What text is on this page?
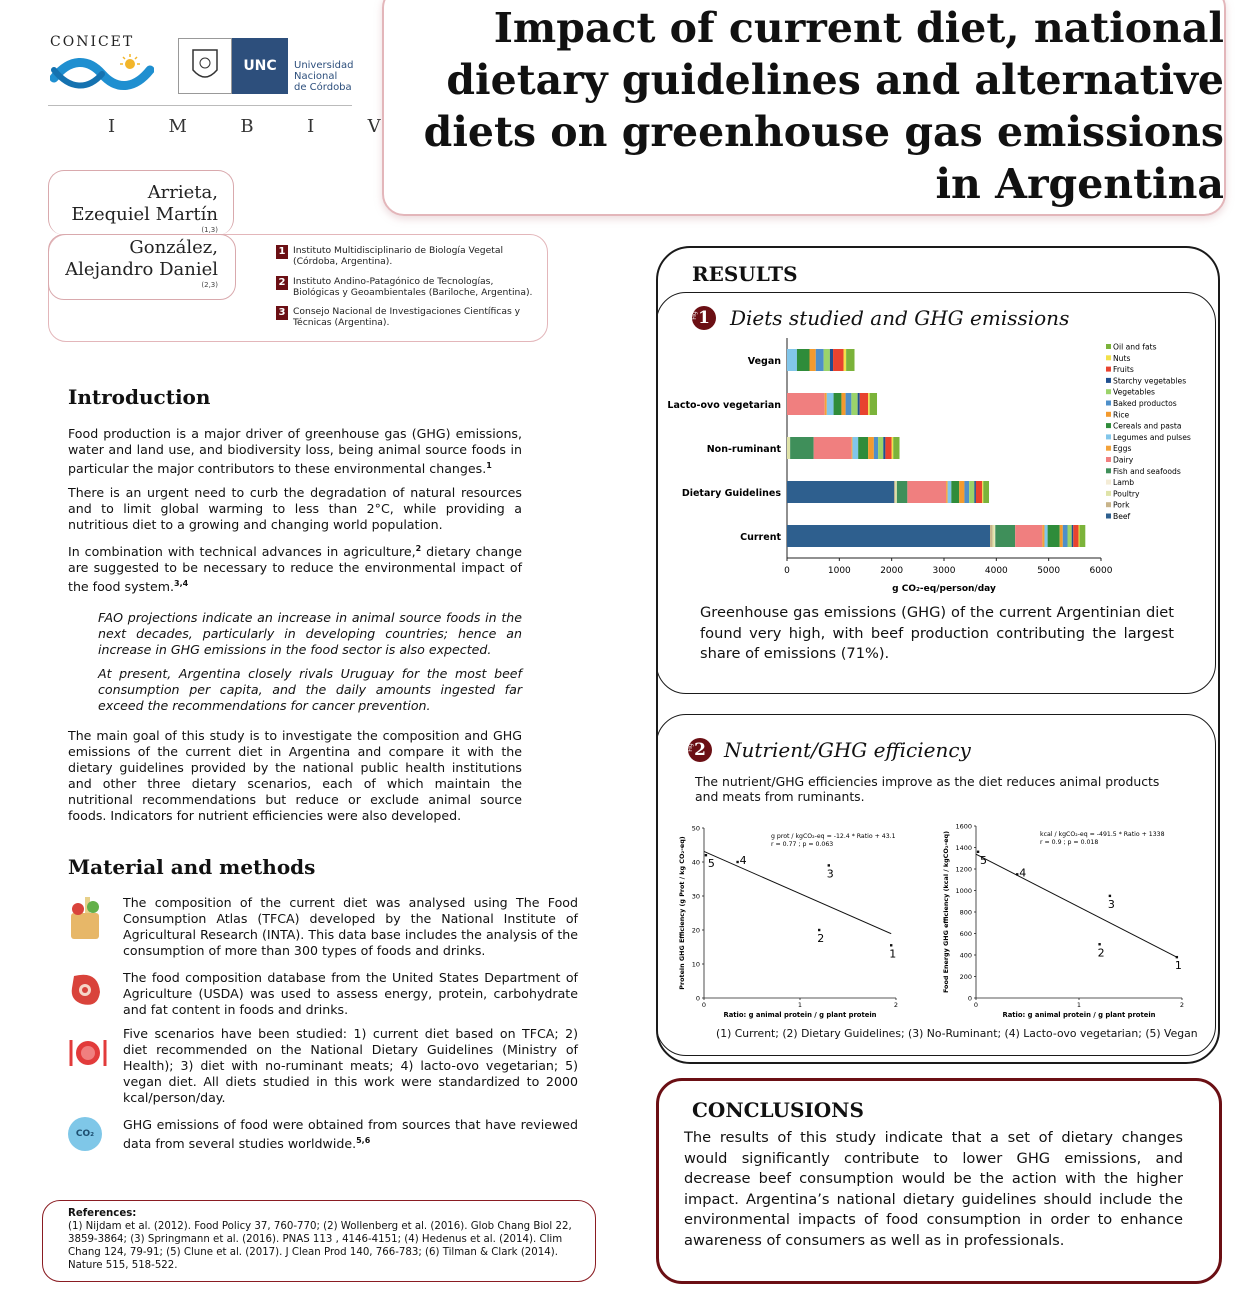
CONICET
UNC	Universidad
Nacional
de Córdoba
I  M  B  I  V
Impact of current diet, national
dietary guidelines and alternative
diets on greenhouse gas emissions
in Argentina
Arrieta,
Ezequiel Martín
(1,3)
González,
Alejandro Daniel
(2,3)
1 Instituto Multidisciplinario de Biología Vegetal (Córdoba, Argentina).
2 Instituto Andino-Patagónico de Tecnologías, Biológicas y Geoambientales (Bariloche, Argentina).
3 Consejo Nacional de Investigaciones Científicas y Técnicas (Argentina).
Introduction

Food production is a major driver of greenhouse gas (GHG) emissions, water and land use, and biodiversity loss, being animal source foods in particular the major contributors to these environmental changes.$^1$

There is an urgent need to curb the degradation of natural resources and to limit global warming to less than 2°C, while providing a nutritious diet to a growing and changing world population.

In combination with technical advances in agriculture,$^2$ dietary change are suggested to be necessary to reduce the environmental impact of the food system.$^{3,4}$

FAO projections indicate an increase in animal source foods in the next decades, particularly in developing countries; hence an increase in GHG emissions in the food sector is also expected.

At present, Argentina closely rivals Uruguay for the most beef consumption per capita, and the daily amounts ingested far exceed the recommendations for cancer prevention.

The main goal of this study is to investigate the composition and GHG emissions of the current diet in Argentina and compare it with the dietary guidelines provided by the national public health institutions and other three dietary scenarios, each of which maintain the nutritional recommendations but reduce or exclude animal source foods. Indicators for nutrient efficiencies were also developed.

Material and methods

The composition of the current diet was analysed using The Food Consumption Atlas (TFCA) developed by the National Institute of Agricultural Research (INTA). This data base includes the analysis of the consumption of more than 300 types of foods and drinks.

The food composition database from the United States Department of Agriculture (USDA) was used to assess energy, protein, carbohydrate and fat content in foods and drinks.

Five scenarios have been studied: 1) current diet based on TFCA; 2) diet recommended on the National Dietary Guidelines (Ministry of Health); 3) diet with no-ruminant meats; 4) lacto-ovo vegetarian; 5) vegan diet. All diets studied in this work were standardized to 2000 kcal/person/day.

CO₂

GHG emissions of food were obtained from sources that have reviewed data from several studies worldwide.$^{5,6}$

References:
(1) Nijdam et al. (2012). Food Policy 37, 760-770; (2) Wollenberg et al. (2016). Glob Chang Biol 22, 3859-3864; (3) Springmann et al. (2016). PNAS 113 , 4146-4151; (4) Hedenus et al. (2014). Clim Chang 124, 79-91; (5) Clune et al. (2017). J Clean Prod 140, 766-783; (6) Tilman & Clark (2014). Nature 515, 518-522.
RESULTS
1
Fig Diets studied and GHG emissions
0	1000	2000	3000	4000	5000	6000
g CO₂-eq/person/day
Vegan
Lacto-ovo vegetarian
Non-ruminant
Dietary Guidelines
Current
Oil and fats
Nuts
Fruits
Starchy vegetables
Vegetables
Baked productos
Rice
Cereals and pasta
Legumes and pulses
Eggs
Dairy
Fish and seafoods
Lamb
Poultry
Pork
Beef

Greenhouse gas emissions (GHG) of the current Argentinian diet found very high, with beef production contributing the largest share of emissions (71%).

2
Fig Nutrient/GHG efficiency

The nutrient/GHG efficiencies improve as the diet reduces animal products and meats from ruminants.

0
10
20
30
40
50
0	1	2
Ratio: g animal protein / g plant protein
Protein GHG Efficiency (g Prot / kg CO₂-eq)	g prot / kgCO₂-eq = -12.4 * Ratio + 43.1
r = 0.77 ; p = 0.063
1
2
3
4
5
0
200
400
600
800
1000
1200
1400
1600
0	1	2
Ratio: g animal protein / g plant protein
Food Energy GHG efficiency (kcal / kgCO₂-eq)	kcal / kgCO₂-eq = -491.5 * Ratio + 1338
r = 0.9 ; p = 0.018
1
2
3
4
5
(1) Current; (2) Dietary Guidelines; (3) No-Ruminant; (4) Lacto-ovo vegetarian; (5) Vegan
CONCLUSIONS

The results of this study indicate that a set of dietary changes would significantly contribute to lower GHG emissions, and decrease beef consumption would be the action with the higher impact. Argentina’s national dietary guidelines should include the environmental impacts of food consumption in order to enhance awareness of consumers as well as in professionals.
